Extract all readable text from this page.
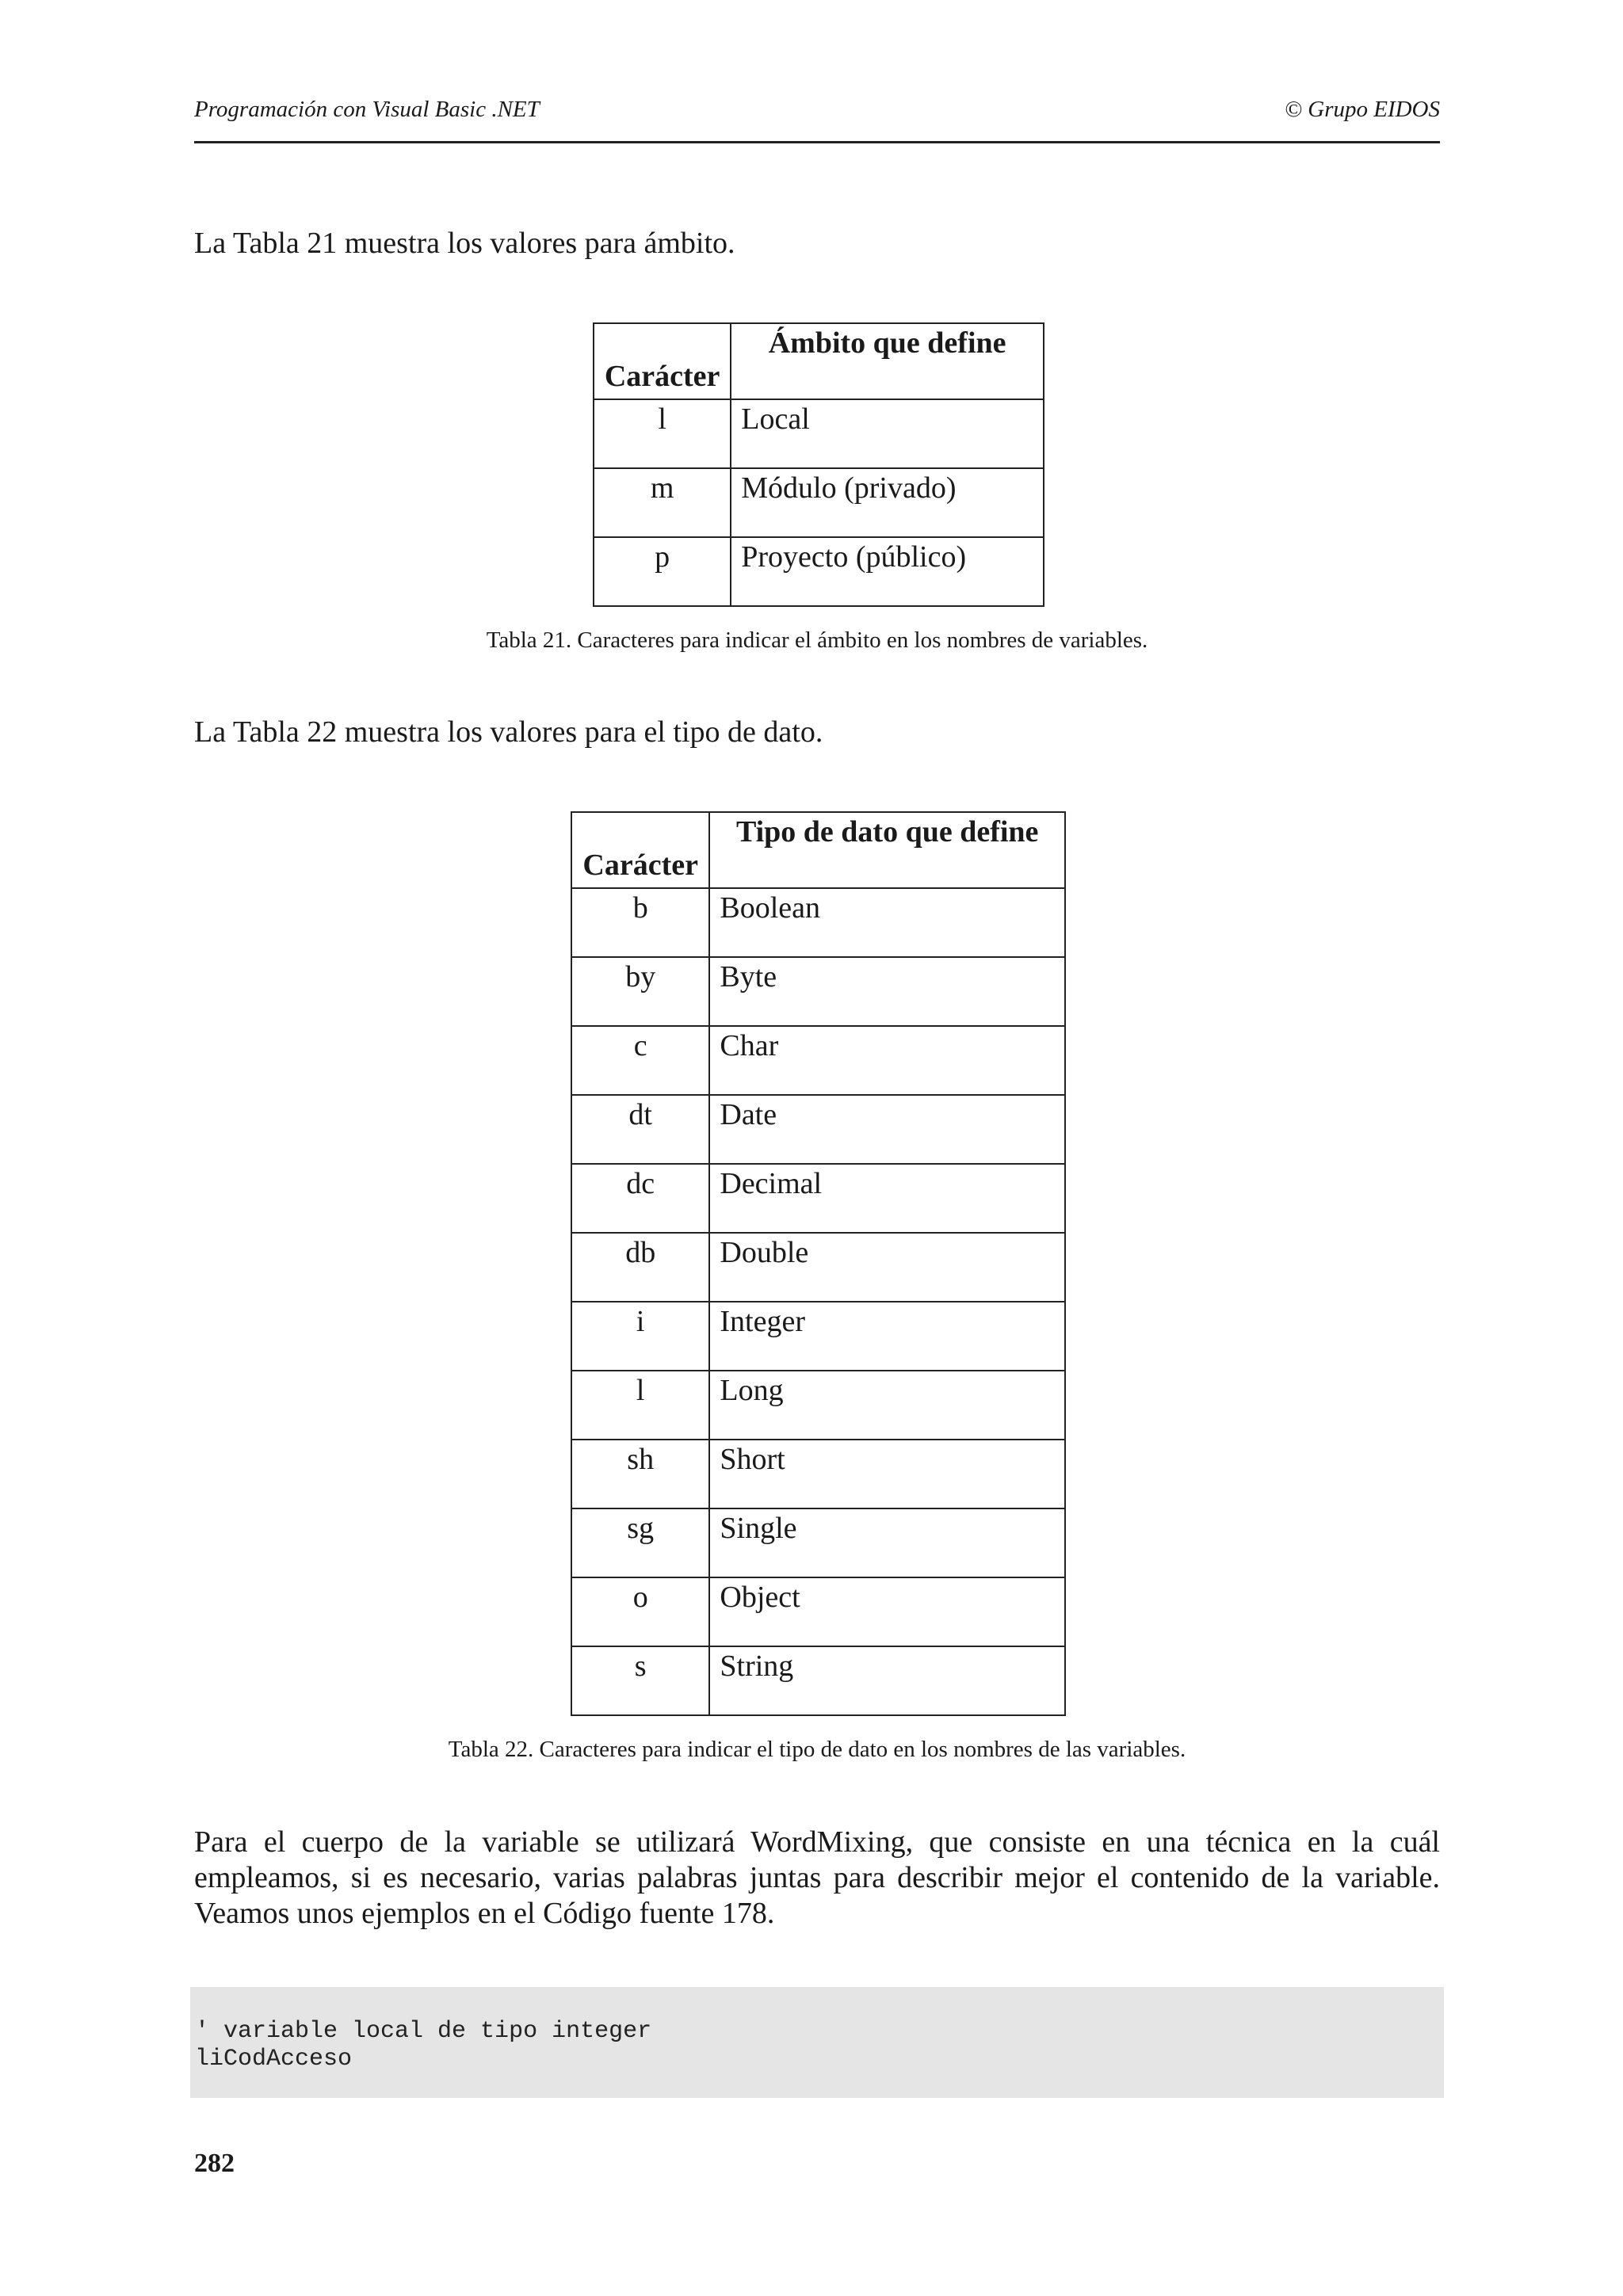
Programación con Visual Basic .NET	© Grupo EIDOS
La Tabla 21 muestra los valores para ámbito.
Carácter	Ámbito que define

l	Local
m	Módulo (privado)
p	Proyecto (público)
Tabla 21. Caracteres para indicar el ámbito en los nombres de variables.
La Tabla 22 muestra los valores para el tipo de dato.
Carácter	Tipo de dato que define

b	Boolean
by	Byte
c	Char
dt	Date
dc	Decimal
db	Double
i	Integer
l	Long
sh	Short
sg	Single
o	Object
s	String
Tabla 22. Caracteres para indicar el tipo de dato en los nombres de las variables.
Para el cuerpo de la variable se utilizará WordMixing, que consiste en una técnica en la cuál empleamos, si es necesario, varias palabras juntas para describir mejor el contenido de la variable. Veamos unos ejemplos en el Código fuente 178.
' variable local de tipo integer
liCodAcceso
282
